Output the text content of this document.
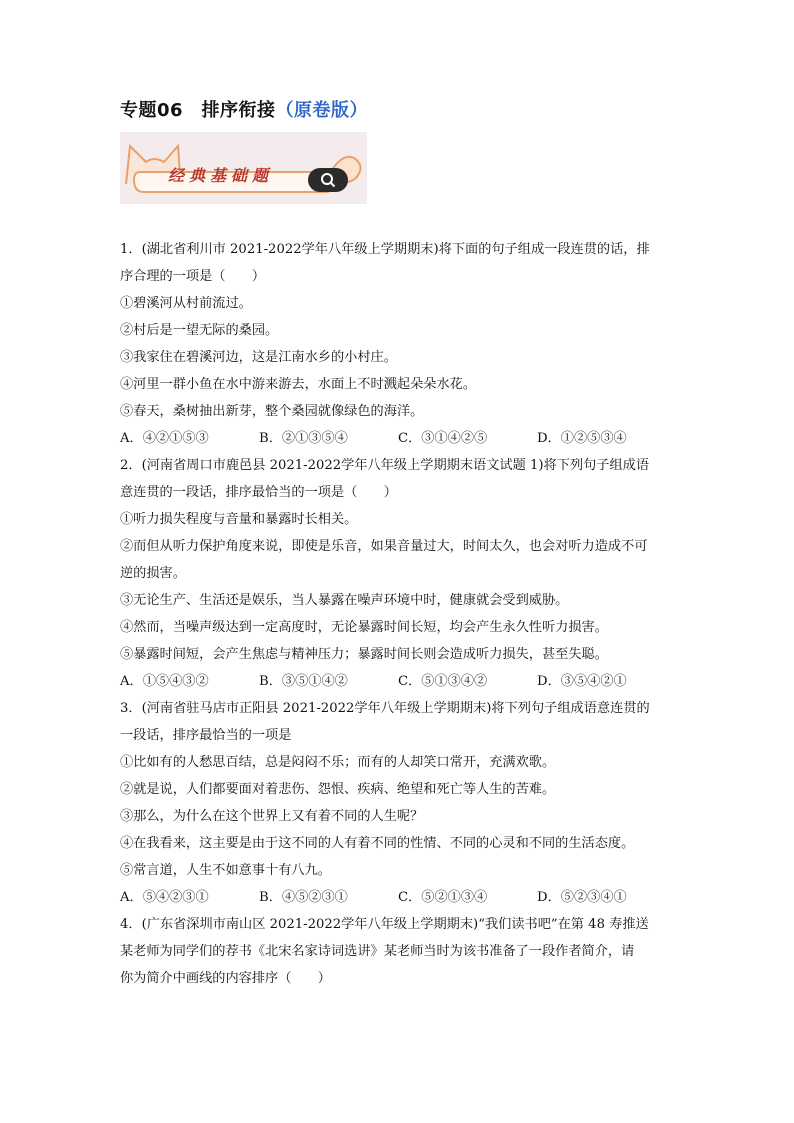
专题06　排序衔接（原卷版）
经典基础题
1．(湖北省利川市 2021-2022学年八年级上学期期末)将下面的句子组成一段连贯的话，排
序合理的一项是（　　）
①碧溪河从村前流过。
②村后是一望无际的桑园。
③我家住在碧溪河边，这是江南水乡的小村庄。
④河里一群小鱼在水中游来游去，水面上不时溅起朵朵水花。
⑤春天，桑树抽出新芽，整个桑园就像绿色的海洋。
A．④②①⑤③	B．②①③⑤④	C．③①④②⑤	D．①②⑤③④
2．(河南省周口市鹿邑县 2021-2022学年八年级上学期期末语文试题 1)将下列句子组成语
意连贯的一段话，排序最恰当的一项是（　　）
①听力损失程度与音量和暴露时长相关。
②而但从听力保护角度来说，即使是乐音，如果音量过大，时间太久，也会对听力造成不可
逆的损害。
③无论生产、生活还是娱乐，当人暴露在噪声环境中时，健康就会受到威胁。
④然而，当噪声级达到一定高度时，无论暴露时间长短，均会产生永久性听力损害。
⑤暴露时间短，会产生焦虑与精神压力；暴露时间长则会造成听力损失，甚至失聪。
A．①⑤④③②	B．③⑤①④②	C．⑤①③④②	D．③⑤④②①
3．(河南省驻马店市正阳县 2021-2022学年八年级上学期期末)将下列句子组成语意连贯的
一段话，排序最恰当的一项是
①比如有的人愁思百结，总是闷闷不乐；而有的人却笑口常开，充满欢歌。
②就是说，人们都要面对着悲伤、怨恨、疾病、绝望和死亡等人生的苦难。
③那么，为什么在这个世界上又有着不同的人生呢？
④在我看来，这主要是由于这不同的人有着不同的性情、不同的心灵和不同的生活态度。
⑤常言道，人生不如意事十有八九。
A．⑤④②③①	B．④⑤②③①	C．⑤②①③④	D．⑤②③④①
4．(广东省深圳市南山区 2021-2022学年八年级上学期期末)“我们读书吧”在第 48 寿推送
某老师为同学们的荐书《北宋名家诗词选讲》某老师当时为该书准备了一段作者简介，请
你为简介中画线的内容排序（　　）
